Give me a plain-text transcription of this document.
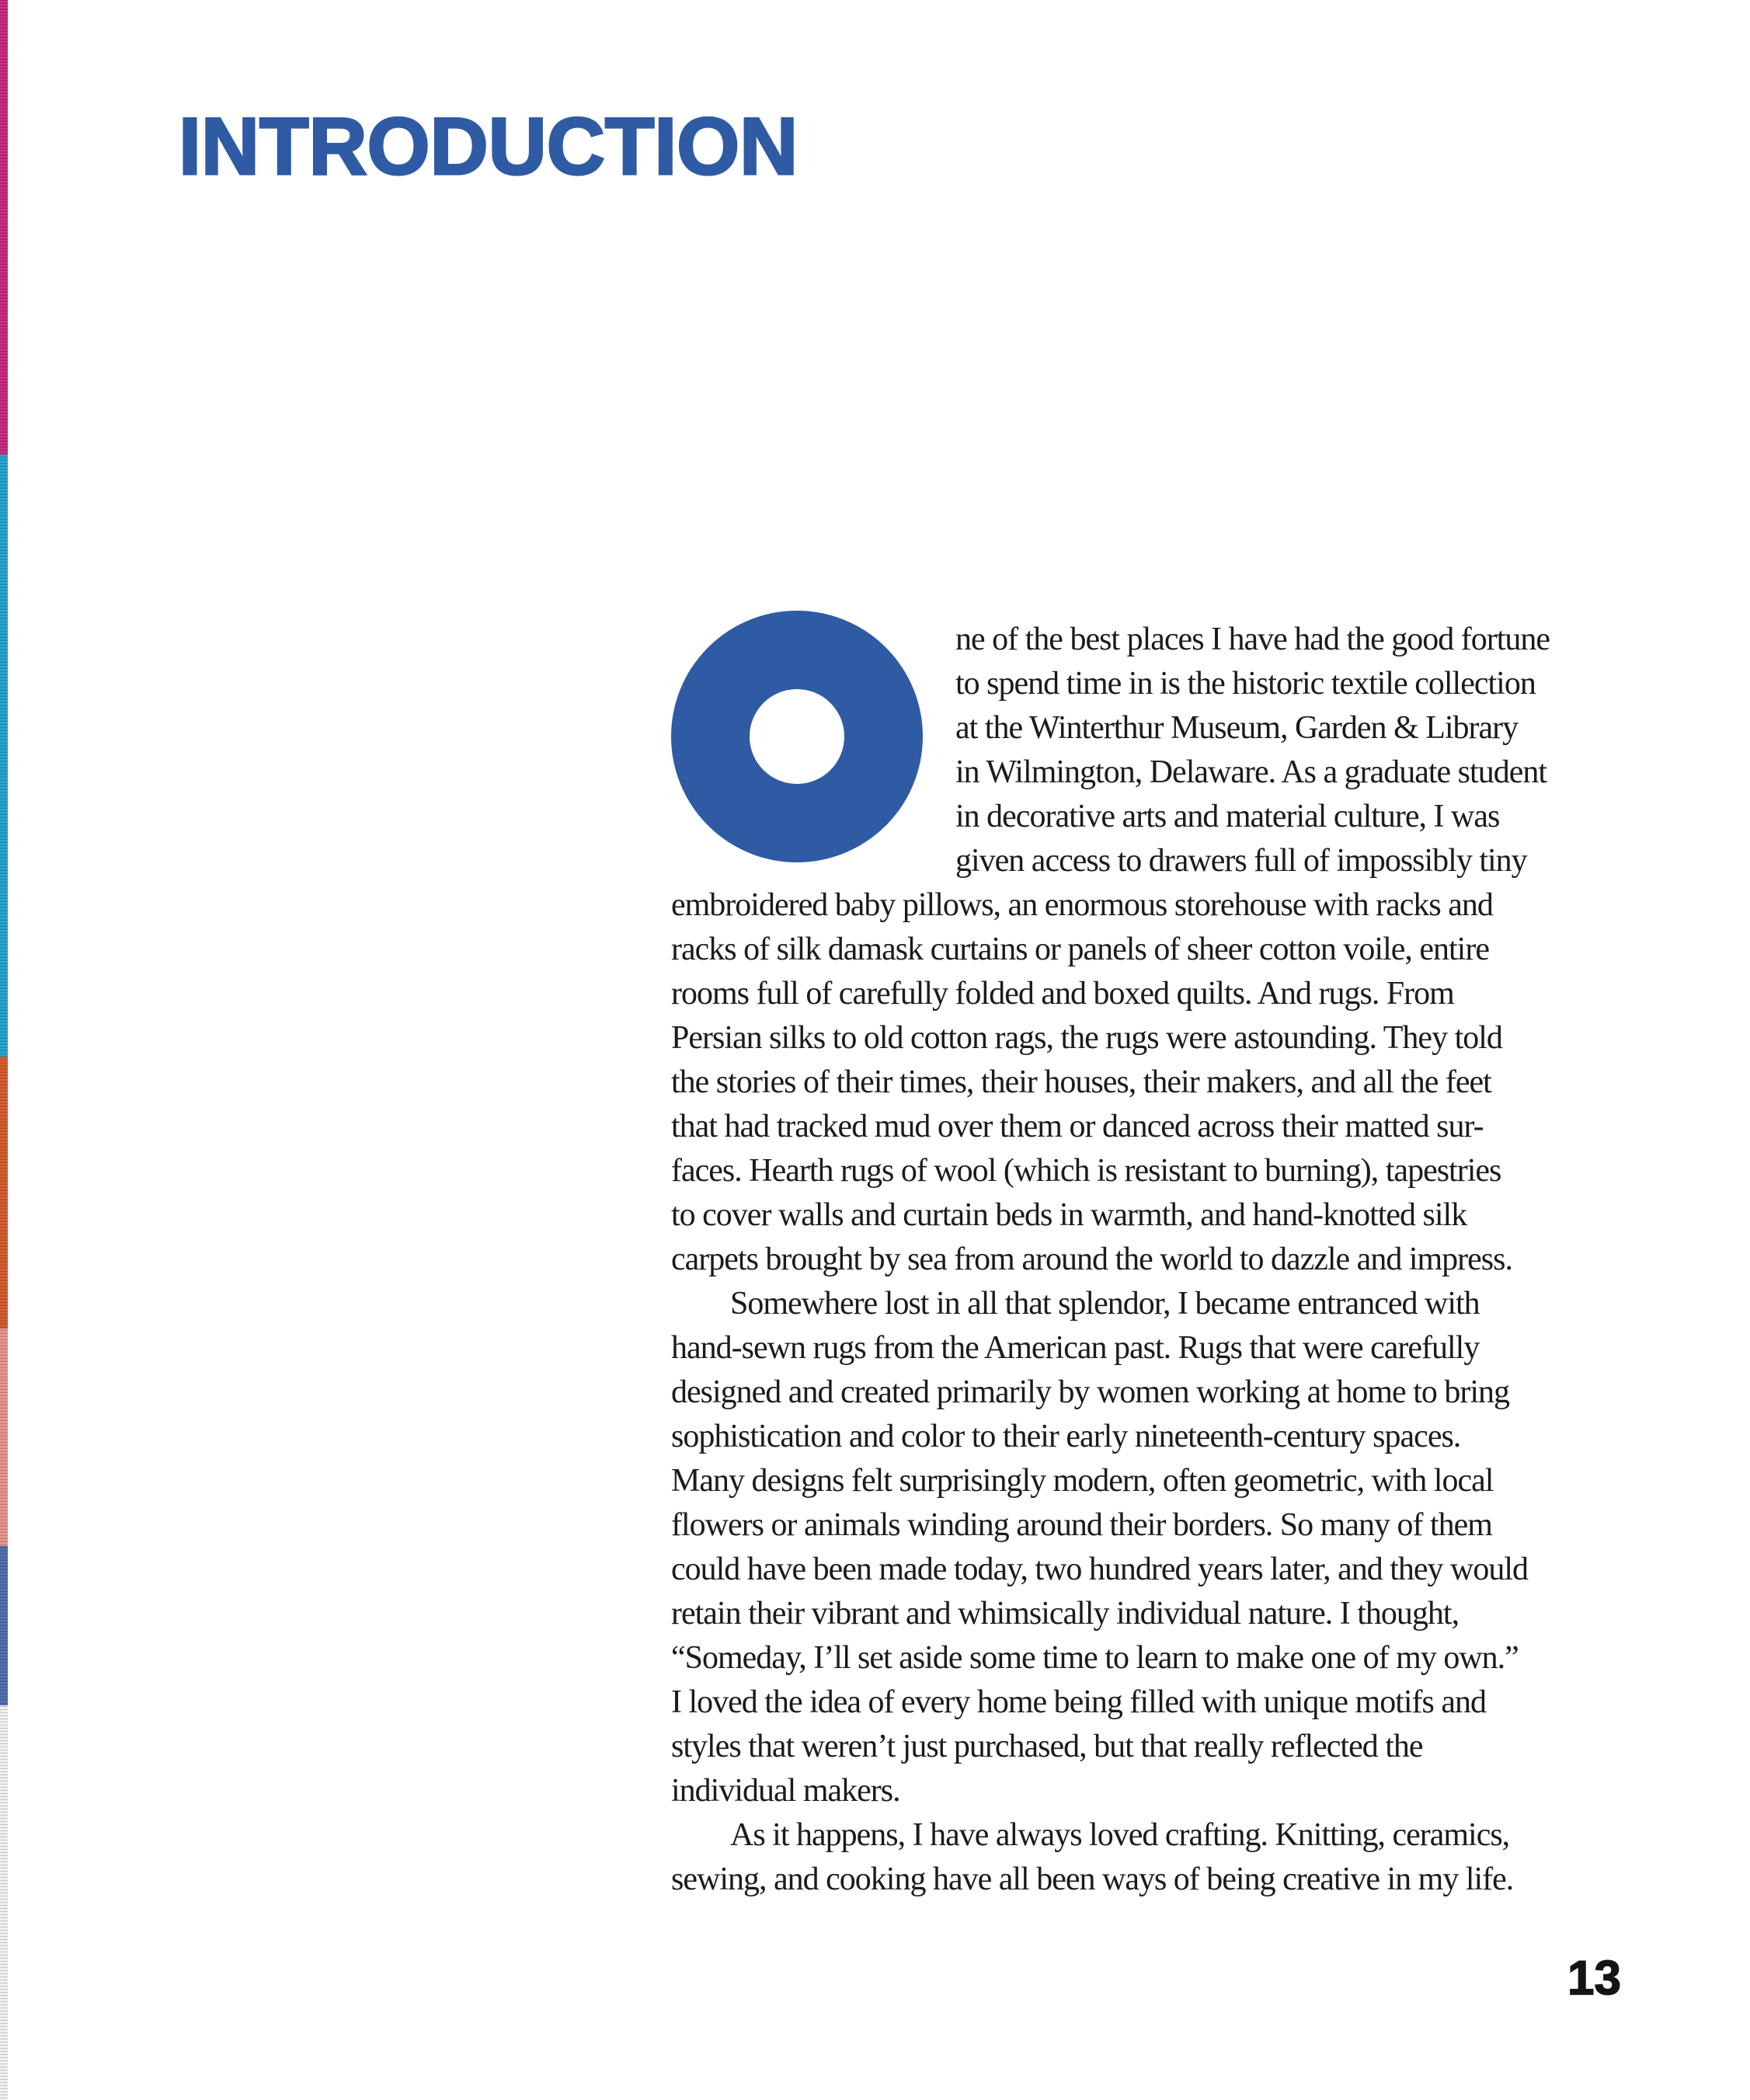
INTRODUCTION
ne of the best places I have had the good fortune
to spend time in is the historic textile collection
at the Winterthur Museum, Garden & Library
in Wilmington, Delaware. As a graduate student
in decorative arts and material culture, I was
given access to drawers full of impossibly tiny
embroidered baby pillows, an enormous storehouse with racks and
racks of silk damask curtains or panels of sheer cotton voile, entire
rooms full of carefully folded and boxed quilts. And rugs. From
Persian silks to old cotton rags, the rugs were astounding. They told
the stories of their times, their houses, their makers, and all the feet
that had tracked mud over them or danced across their matted sur-
faces. Hearth rugs of wool (which is resistant to burning), tapestries
to cover walls and curtain beds in warmth, and hand-knotted silk
carpets brought by sea from around the world to dazzle and impress.
Somewhere lost in all that splendor, I became entranced with
hand-sewn rugs from the American past. Rugs that were carefully
designed and created primarily by women working at home to bring
sophistication and color to their early nineteenth-century spaces.
Many designs felt surprisingly modern, often geometric, with local
flowers or animals winding around their borders. So many of them
could have been made today, two hundred years later, and they would
retain their vibrant and whimsically individual nature. I thought,
“Someday, I’ll set aside some time to learn to make one of my own.”
I loved the idea of every home being filled with unique motifs and
styles that weren’t just purchased, but that really reflected the
individual makers.
As it happens, I have always loved crafting. Knitting, ceramics,
sewing, and cooking have all been ways of being creative in my life.
13
